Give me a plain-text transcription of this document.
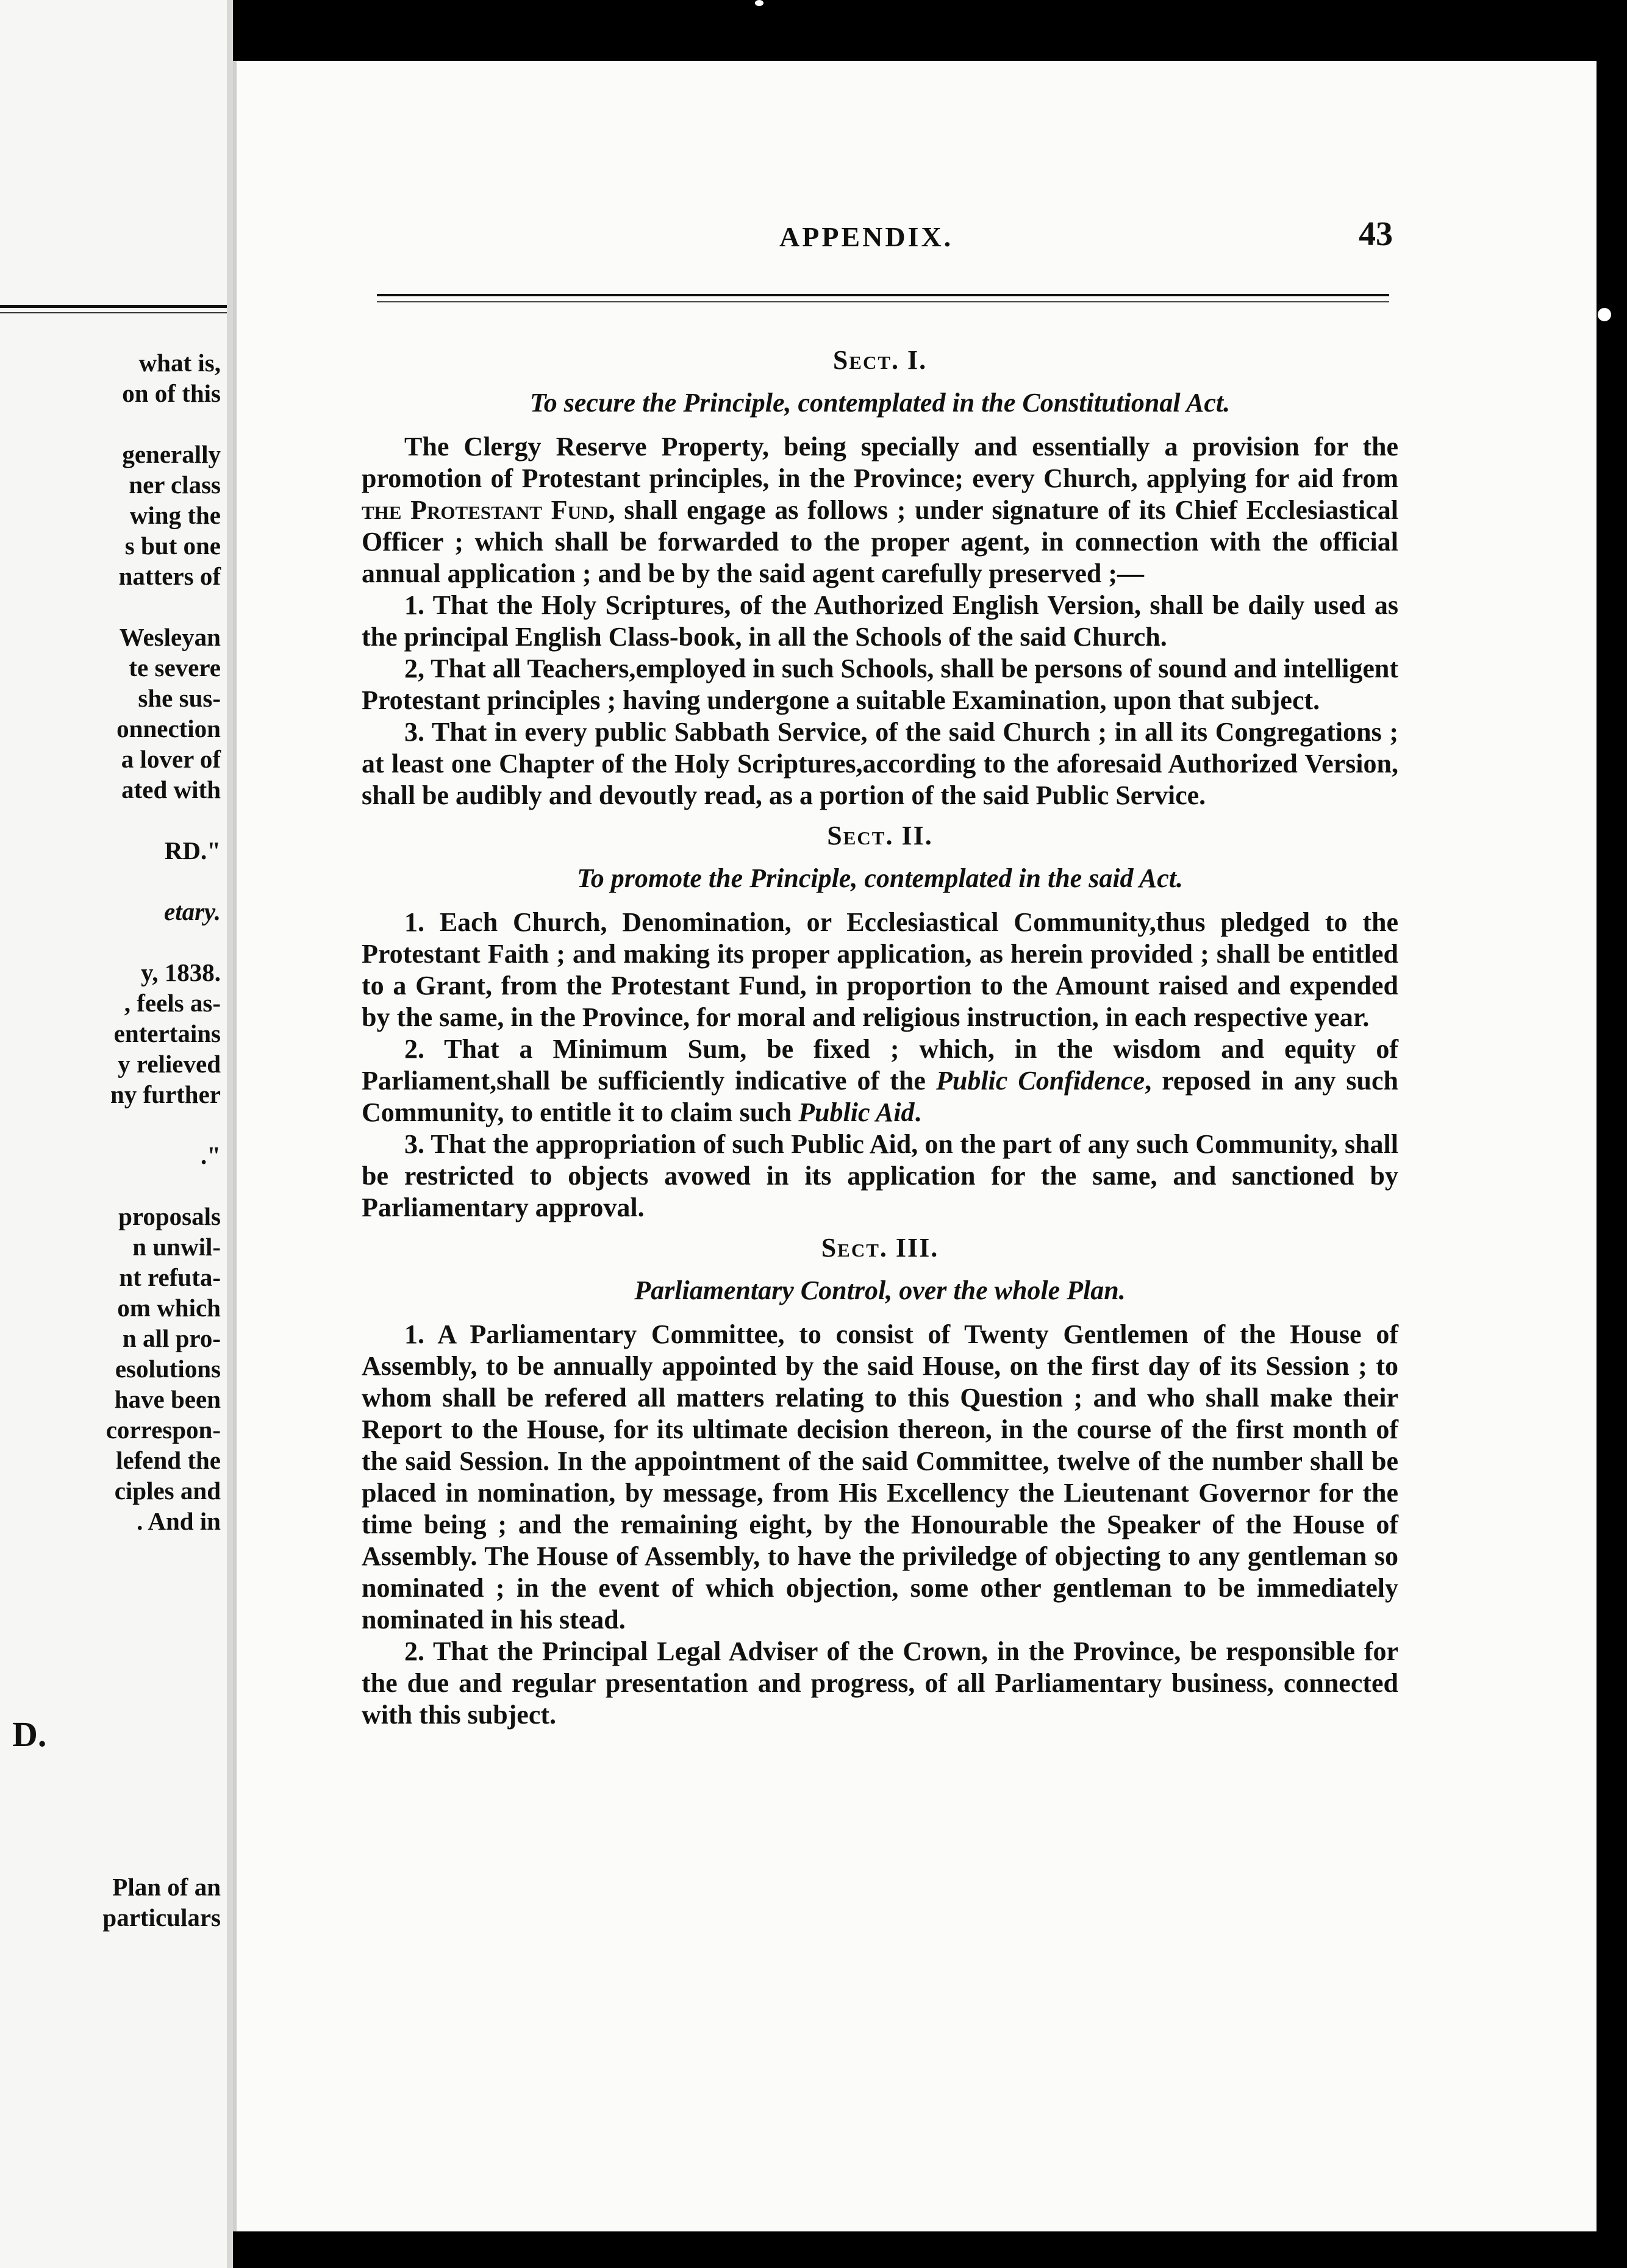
what is,
on of this
generally
ner class
wing the
s but one
natters of
Wesleyan
te severe
she sus-
onnection
a lover of
ated with
RD."
etary.
y, 1838.
, feels as-
entertains
y relieved
ny further
."
proposals
n unwil-
nt refuta-
om which
n all pro-
esolutions
have been
correspon-
lefend the
ciples and
. And in
D.
Plan of an
particulars
APPENDIX.	43
Sect. I.
To secure the Principle, contemplated in the Constitutional Act.

The Clergy Reserve Property, being specially and essentially a provision for the promotion of Protestant principles, in the Province; every Church, applying for aid from the Protestant Fund, shall engage as follows ; under signature of its Chief Ecclesiastical Officer ; which shall be forwarded to the proper agent, in connection with the official annual application ; and be by the said agent carefully preserved ;—

1. That the Holy Scriptures, of the Authorized English Version, shall be daily used as the principal English Class-book, in all the Schools of the said Church.

2, That all Teachers,employed in such Schools, shall be persons of sound and intelligent Protestant principles ; having undergone a suitable Examination, upon that subject.

3. That in every public Sabbath Service, of the said Church ; in all its Congregations ; at least one Chapter of the Holy Scriptures,according to the aforesaid Authorized Version, shall be audibly and devoutly read, as a portion of the said Public Service.

Sect. II.
To promote the Principle, contemplated in the said Act.

1. Each Church, Denomination, or Ecclesiastical Community,thus pledged to the Protestant Faith ; and making its proper application, as herein provided ; shall be entitled to a Grant, from the Protestant Fund, in proportion to the Amount raised and expended by the same, in the Province, for moral and religious instruction, in each respective year.

2. That a Minimum Sum, be fixed ; which, in the wisdom and equity of Parliament,shall be sufficiently indicative of the Public Confidence, reposed in any such Community, to entitle it to claim such Public Aid.

3. That the appropriation of such Public Aid, on the part of any such Community, shall be restricted to objects avowed in its application for the same, and sanctioned by Parliamentary approval.

Sect. III.
Parliamentary Control, over the whole Plan.

1. A Parliamentary Committee, to consist of Twenty Gentlemen of the House of Assembly, to be annually appointed by the said House, on the first day of its Session ; to whom shall be refered all matters relating to this Question ; and who shall make their Report to the House, for its ultimate decision thereon, in the course of the first month of the said Session. In the appointment of the said Committee, twelve of the number shall be placed in nomination, by message, from His Excellency the Lieutenant Governor for the time being ; and the remaining eight, by the Honourable the Speaker of the House of Assembly. The House of Assembly, to have the priviledge of objecting to any gentleman so nominated ; in the event of which objection, some other gentleman to be immediately nominated in his stead.

2. That the Principal Legal Adviser of the Crown, in the Province, be responsible for the due and regular presentation and progress, of all Parliamentary business, connected with this subject.
